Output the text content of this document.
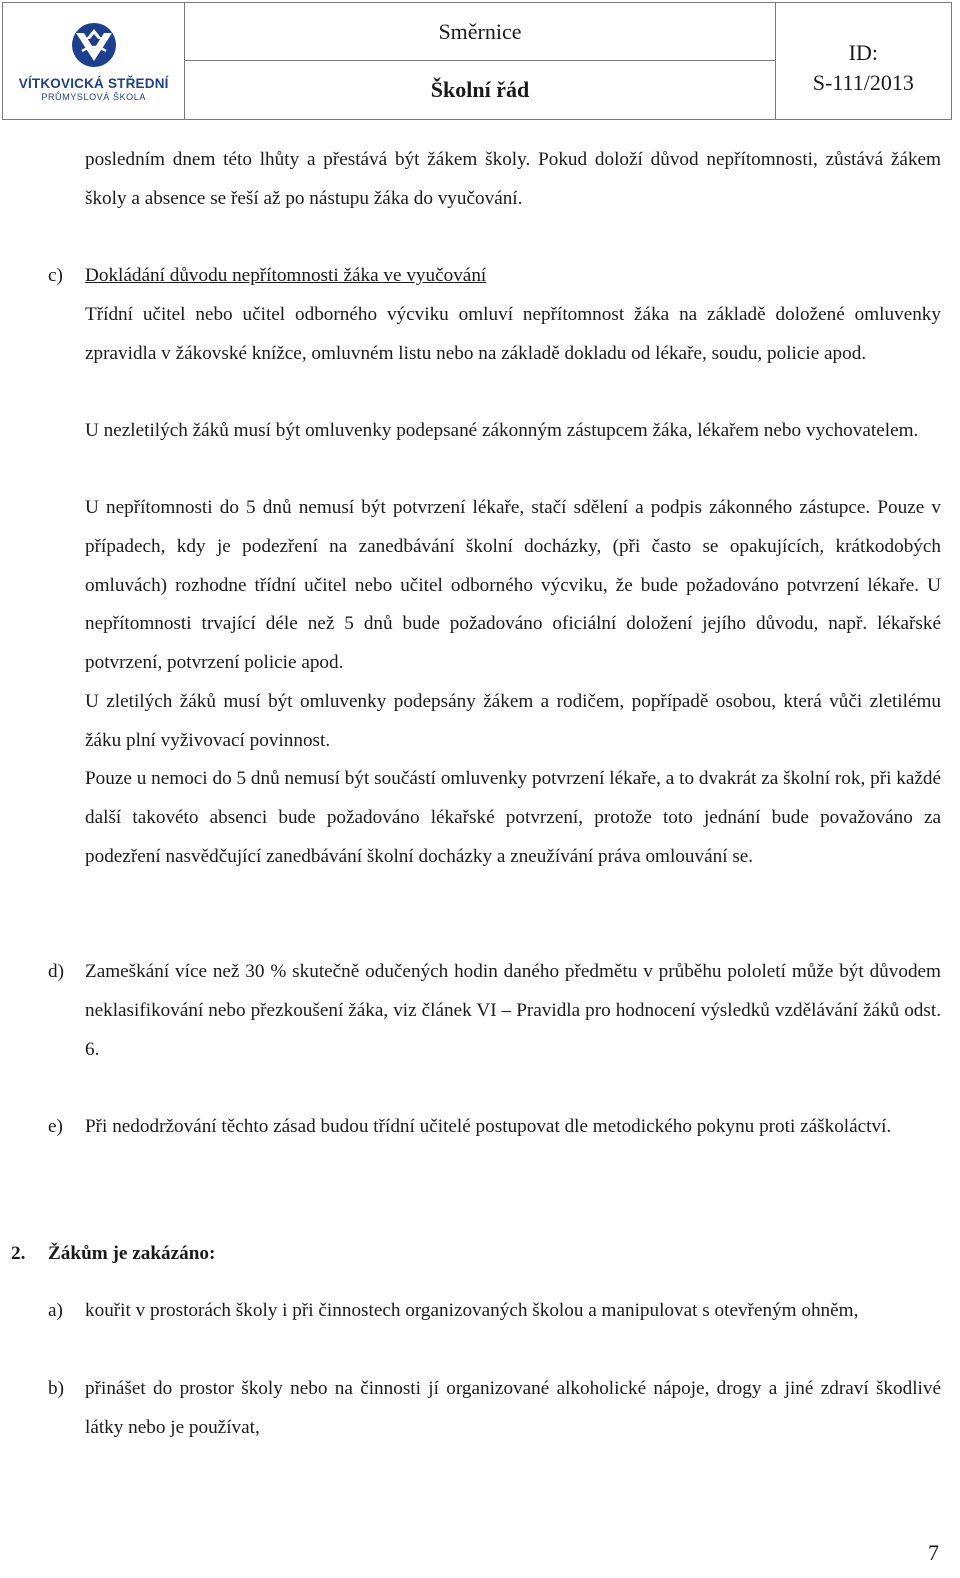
VÍTKOVICKÁ STŘEDNÍ
PRŮMYSLOVÁ ŠKOLA

Směrnice
Školní řád

ID:
S-111/2013
posledním dnem této lhůty a přestává být žákem školy. Pokud doloží důvod nepřítomnosti, zůstává žákem školy a absence se řeší až po nástupu žáka do vyučování.
c) Dokládání důvodu nepřítomnosti žáka ve vyučování
Třídní učitel nebo učitel odborného výcviku omluví nepřítomnost žáka na základě doložené omluvenky zpravidla v žákovské knížce, omluvném listu nebo na základě dokladu od lékaře, soudu, policie apod.
U nezletilých žáků musí být omluvenky podepsané zákonným zástupcem žáka, lékařem nebo vychovatelem.
U nepřítomnosti do 5 dnů nemusí být potvrzení lékaře, stačí sdělení a podpis zákonného zástupce. Pouze v případech, kdy je podezření na zanedbávání školní docházky, (při často se opakujících, krátkodobých omluvách) rozhodne třídní učitel nebo učitel odborného výcviku, že bude požadováno potvrzení lékaře. U nepřítomnosti trvající déle než 5 dnů bude požadováno oficiální doložení jejího důvodu, např. lékařské potvrzení, potvrzení policie apod.
U zletilých žáků musí být omluvenky podepsány žákem a rodičem, popřípadě osobou, která vůči zletilému žáku plní vyživovací povinnost.
Pouze u nemoci do 5 dnů nemusí být součástí omluvenky potvrzení lékaře, a to dvakrát za školní rok, při každé další takovéto absenci bude požadováno lékařské potvrzení, protože toto jednání bude považováno za podezření nasvědčující zanedbávání školní docházky a zneužívání práva omlouvání se.
d) Zameškání více než 30 % skutečně odučených hodin daného předmětu v průběhu pololetí může být důvodem neklasifikování nebo přezkoušení žáka, viz článek VI – Pravidla pro hodnocení výsledků vzdělávání žáků odst. 6.
e) Při nedodržování těchto zásad budou třídní učitelé postupovat dle metodického pokynu proti záškoláctví.
2. Žákům je zakázáno:
a) kouřit v prostorách školy i při činnostech organizovaných školou a manipulovat s otevřeným ohněm,
b) přinášet do prostor školy nebo na činnosti jí organizované alkoholické nápoje, drogy a jiné zdraví škodlivé látky nebo je používat,
7
